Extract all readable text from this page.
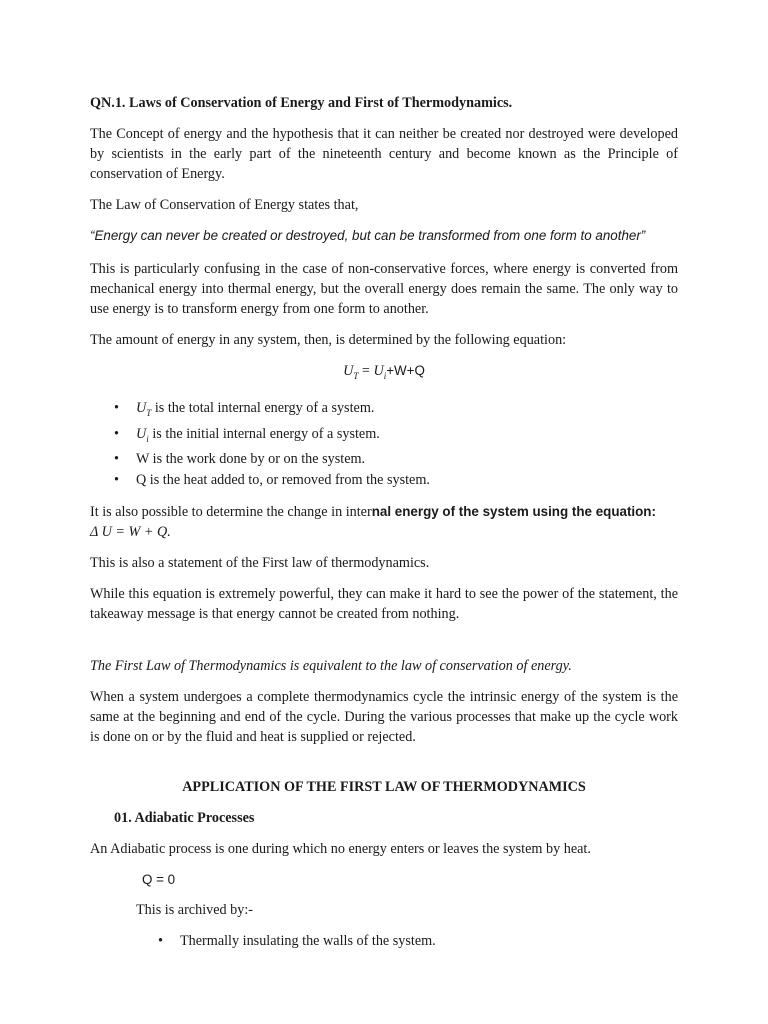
QN.1. Laws of Conservation of Energy and First of Thermodynamics.

The Concept of energy and the hypothesis that it can neither be created nor destroyed were developed by scientists in the early part of the nineteenth century and become known as the Principle of conservation of Energy.

The Law of Conservation of Energy states that,

“Energy can never be created or destroyed, but can be transformed from one form to another”

This is particularly confusing in the case of non-conservative forces, where energy is converted from mechanical energy into thermal energy, but the overall energy does remain the same. The only way to use energy is to transform energy from one form to another.

The amount of energy in any system, then, is determined by the following equation:

$U_T = U_i+W+Q$

• $U_T$ is the total internal energy of a system.
• $U_i$ is the initial internal energy of a system.
• W is the work done by or on the system.
• Q is the heat added to, or removed from the system.

It is also possible to determine the change in internal energy of the system using the equation:
Δ U = W + Q.

This is also a statement of the First law of thermodynamics.

While this equation is extremely powerful, they can make it hard to see the power of the statement, the takeaway message is that energy cannot be created from nothing.

The First Law of Thermodynamics is equivalent to the law of conservation of energy.

When a system undergoes a complete thermodynamics cycle the intrinsic energy of the system is the same at the beginning and end of the cycle. During the various processes that make up the cycle work is done on or by the fluid and heat is supplied or rejected.

APPLICATION OF THE FIRST LAW OF THERMODYNAMICS

01. Adiabatic Processes

An Adiabatic process is one during which no energy enters or leaves the system by heat.

Q = 0

This is archived by:-

• Thermally insulating the walls of the system.
